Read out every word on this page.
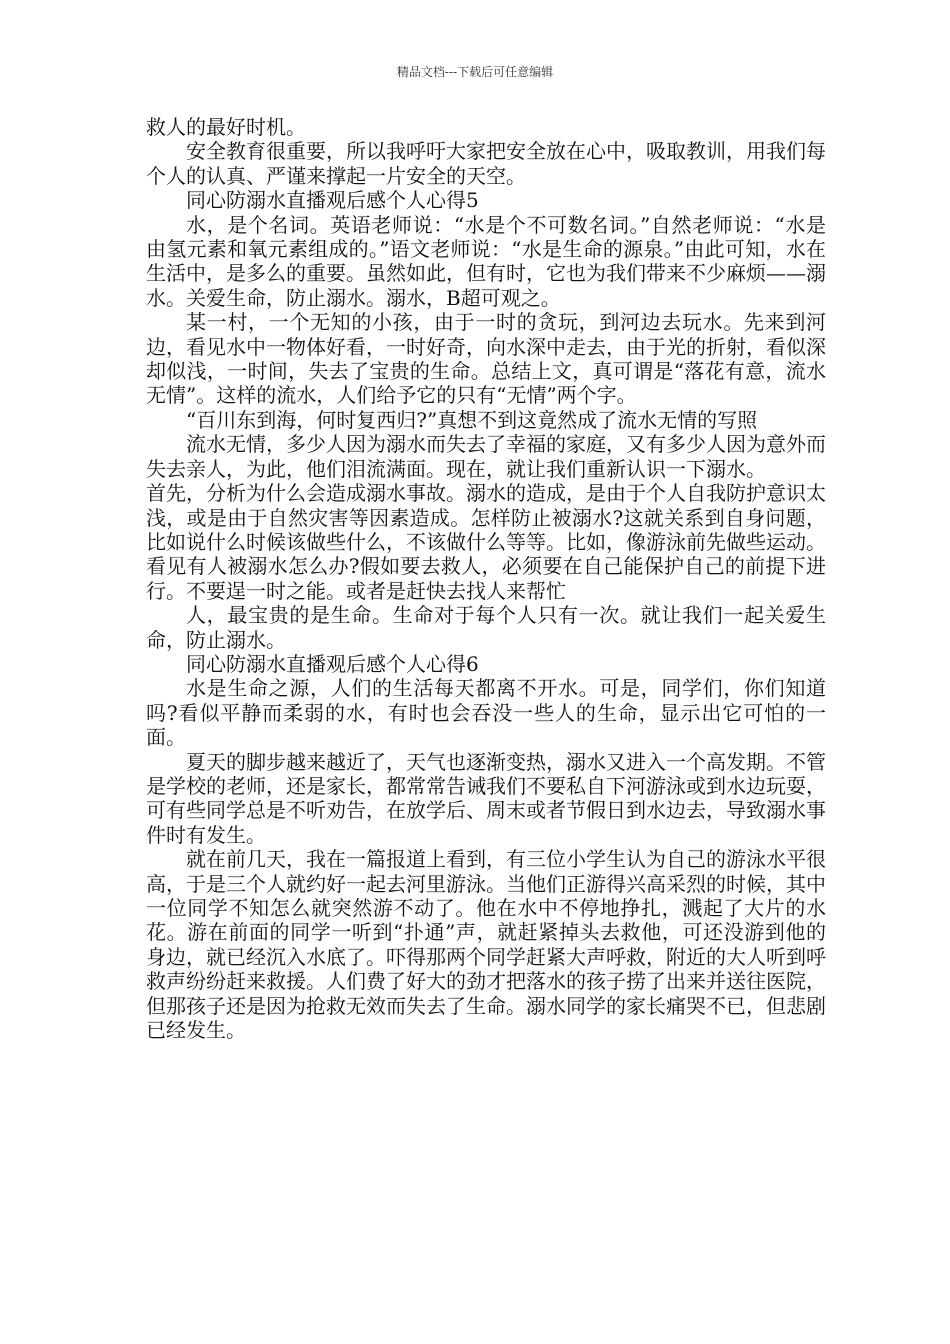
精品文档---下载后可任意编辑

救人的最好时机。

安全教育很重要，所以我呼吁大家把安全放在心中，吸取教训，用我们每个人的认真、严谨来撑起一片安全的天空。

同心防溺水直播观后感个人心得5

水，是个名词。英语老师说：“水是个不可数名词。”自然老师说：“水是由氢元素和氧元素组成的。”语文老师说：“水是生命的源泉。”由此可知，水在生活中，是多么的重要。虽然如此，但有时，它也为我们带来不少麻烦——溺水。关爱生命，防止溺水。溺水，B超可观之。

某一村，一个无知的小孩，由于一时的贪玩，到河边去玩水。先来到河边，看见水中一物体好看，一时好奇，向水深中走去，由于光的折射，看似深却似浅，一时间，失去了宝贵的生命。总结上文，真可谓是“落花有意，流水无情”。这样的流水，人们给予它的只有“无情”两个字。

“百川东到海，何时复西归?”真想不到这竟然成了流水无情的写照

流水无情，多少人因为溺水而失去了幸福的家庭，又有多少人因为意外而失去亲人，为此，他们泪流满面。现在，就让我们重新认识一下溺水。

首先，分析为什么会造成溺水事故。溺水的造成，是由于个人自我防护意识太浅，或是由于自然灾害等因素造成。怎样防止被溺水?这就关系到自身问题，比如说什么时候该做些什么，不该做什么等等。比如，像游泳前先做些运动。看见有人被溺水怎么办?假如要去救人，必须要在自己能保护自己的前提下进行。不要逞一时之能。或者是赶快去找人来帮忙

人，最宝贵的是生命。生命对于每个人只有一次。就让我们一起关爱生命，防止溺水。

同心防溺水直播观后感个人心得6

水是生命之源，人们的生活每天都离不开水。可是，同学们，你们知道吗?看似平静而柔弱的水，有时也会吞没一些人的生命，显示出它可怕的一面。

夏天的脚步越来越近了，天气也逐渐变热，溺水又进入一个高发期。不管是学校的老师，还是家长，都常常告诫我们不要私自下河游泳或到水边玩耍，可有些同学总是不听劝告，在放学后、周末或者节假日到水边去，导致溺水事件时有发生。

就在前几天，我在一篇报道上看到，有三位小学生认为自己的游泳水平很高，于是三个人就约好一起去河里游泳。当他们正游得兴高采烈的时候，其中一位同学不知怎么就突然游不动了。他在水中不停地挣扎，溅起了大片的水花。游在前面的同学一听到“扑通”声，就赶紧掉头去救他，可还没游到他的身边，就已经沉入水底了。吓得那两个同学赶紧大声呼救，附近的大人听到呼救声纷纷赶来救援。人们费了好大的劲才把落水的孩子捞了出来并送往医院，但那孩子还是因为抢救无效而失去了生命。溺水同学的家长痛哭不已，但悲剧已经发生。
